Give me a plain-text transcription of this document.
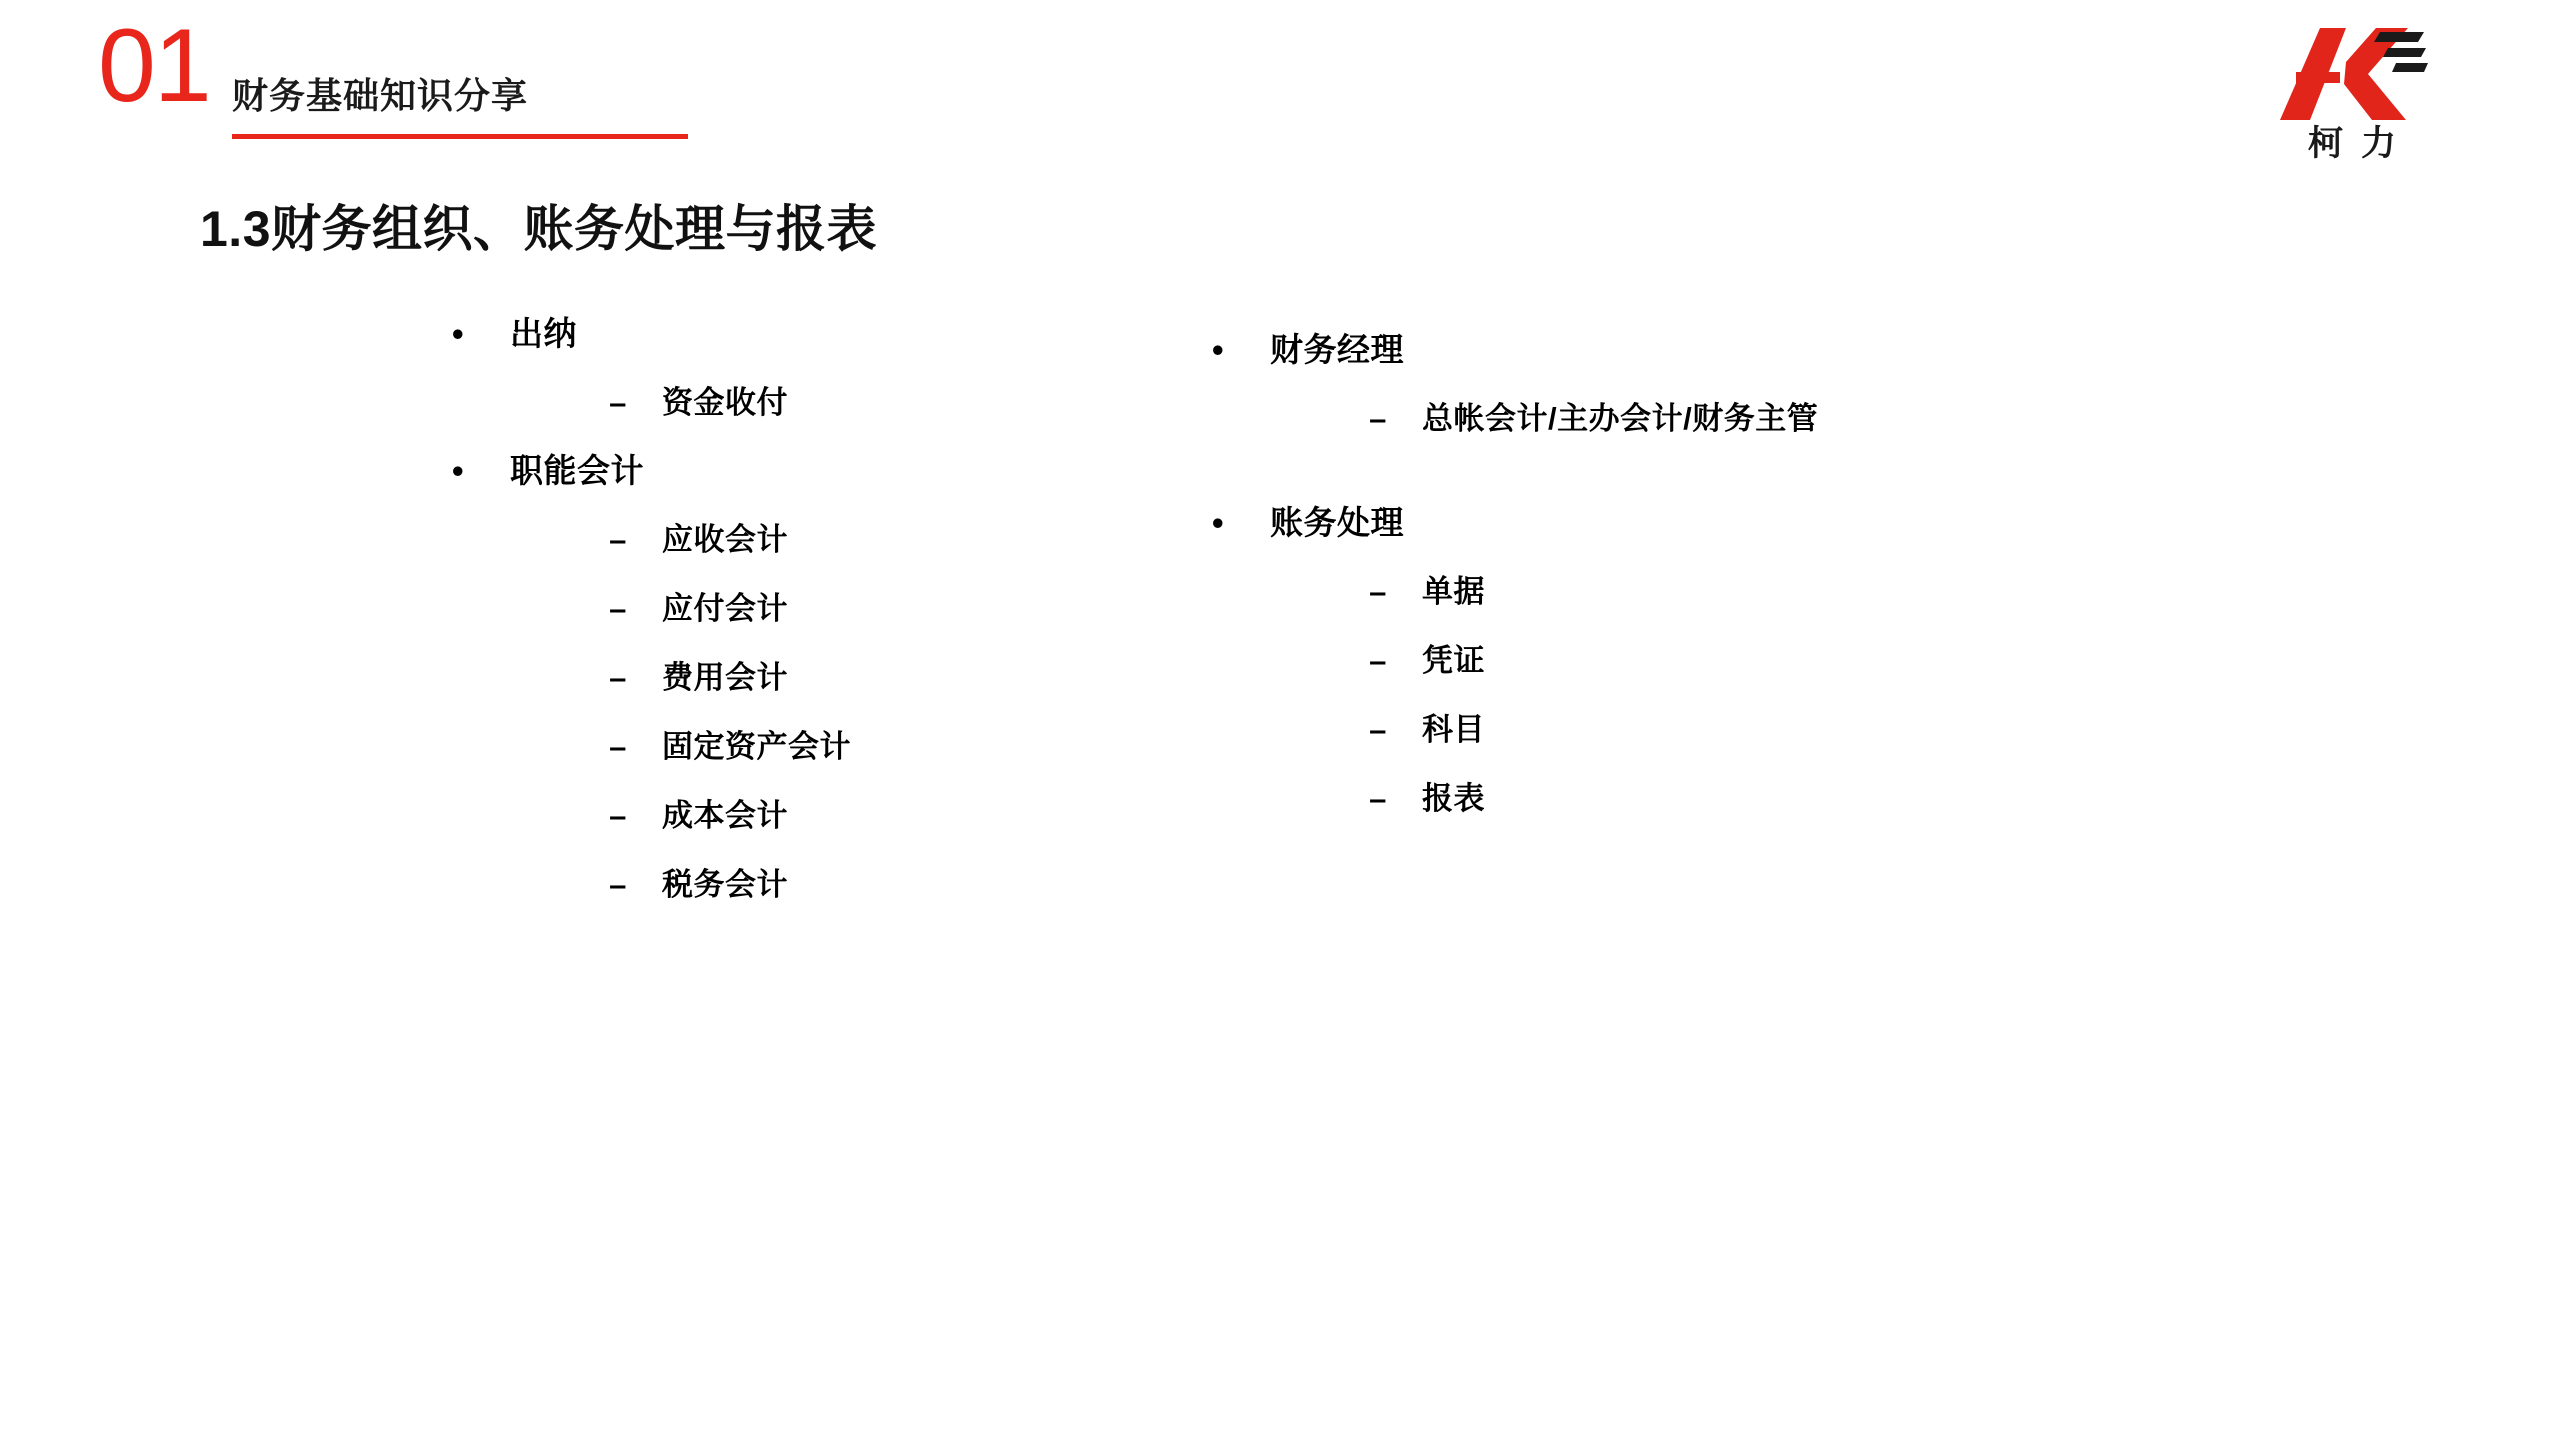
01 财务基础知识分享
柯力
1.3财务组织、账务处理与报表
• 出纳
– 资金收付
• 职能会计
– 应收会计
– 应付会计
– 费用会计
– 固定资产会计
– 成本会计
– 税务会计
• 财务经理
– 总帐会计/主办会计/财务主管
• 账务处理
– 单据
– 凭证
– 科目
– 报表
